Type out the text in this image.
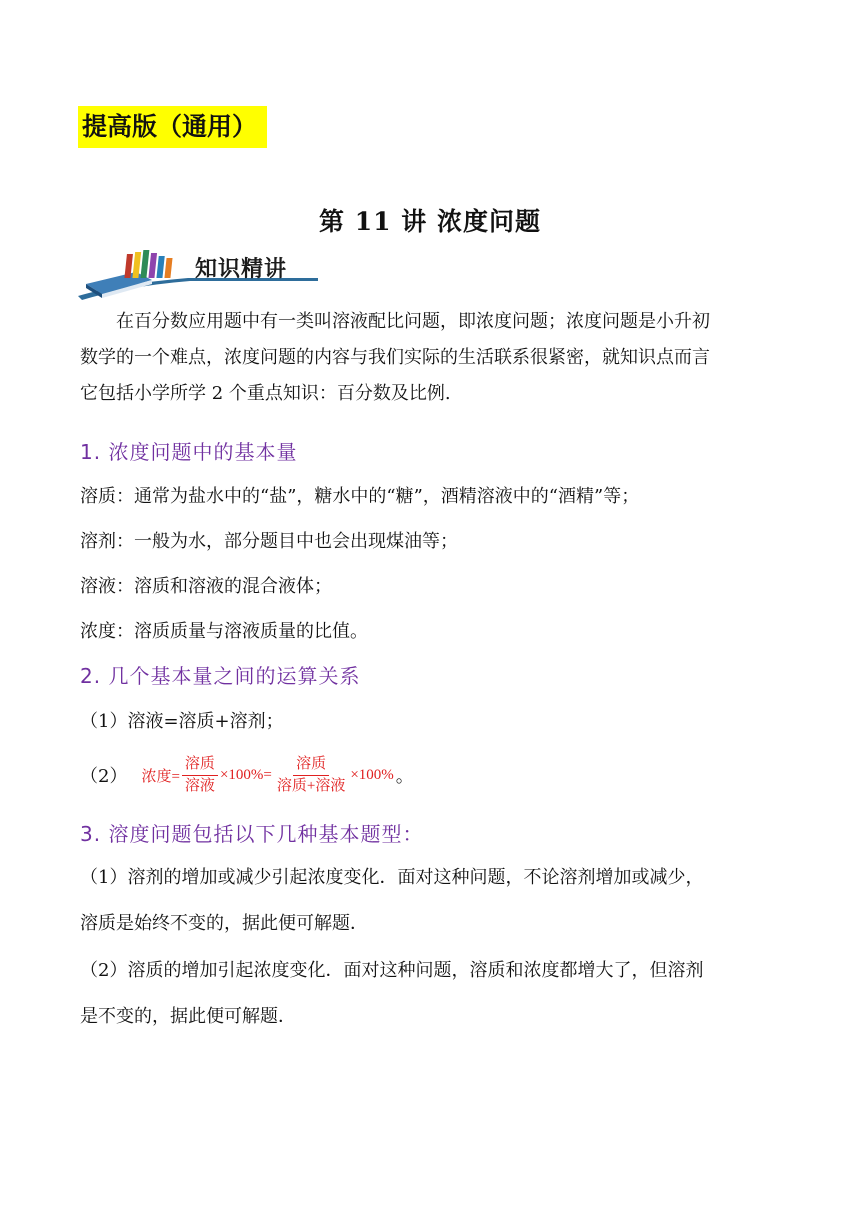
提高版（通用）
第 11 讲 浓度问题
知识精讲
在百分数应用题中有一类叫溶液配比问题，即浓度问题；浓度问题是小升初
数学的一个难点，浓度问题的内容与我们实际的生活联系很紧密，就知识点而言
它包括小学所学 2 个重点知识：百分数及比例.
1. 浓度问题中的基本量
溶质：通常为盐水中的“盐”，糖水中的“糖”，酒精溶液中的“酒精”等；
溶剂：一般为水，部分题目中也会出现煤油等；
溶液：溶质和溶液的混合液体；
浓度：溶质质量与溶液质量的比值。
2. 几个基本量之间的运算关系
（1）溶液=溶质+溶剂；
（2） 浓度= $\frac{\text{溶质}}{\text{溶液}} \times 100\%= \frac{\text{溶质}}{\text{溶质+溶液}} \times 100\%$ 。
3. 溶度问题包括以下几种基本题型：
（1）溶剂的增加或减少引起浓度变化．面对这种问题，不论溶剂增加或减少，
溶质是始终不变的，据此便可解题．
（2）溶质的增加引起浓度变化．面对这种问题，溶质和浓度都增大了，但溶剂
是不变的，据此便可解题．
